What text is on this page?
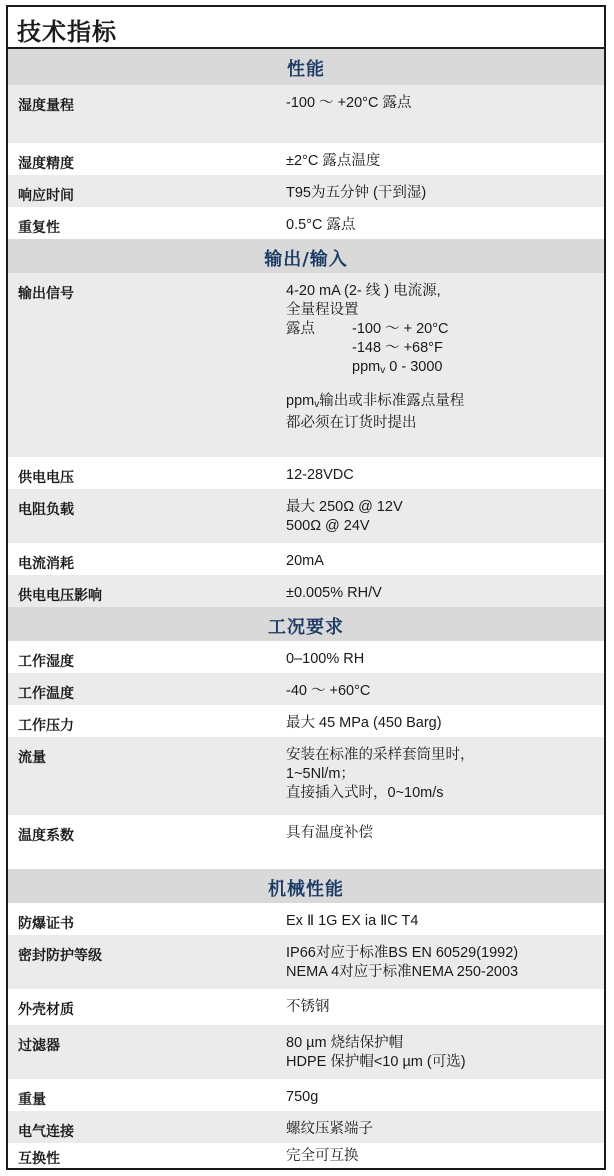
技术指标
性能
湿度量程	-100 ～ +20°C 露点
湿度精度	±2°C 露点温度
响应时间	T95为五分钟 (干到湿)
重复性	0.5°C 露点
输出/输入
输出信号	4-20 mA (2- 线 ) 电流源,
全量程设置
露点	-100 ～ + 20°C
-148 ～ +68°F
ppm$_v$ 0 - 3000
ppm$_v$输出或非标准露点量程
都必须在订货时提出
供电电压	12-28VDC
电阻负载	最大 250Ω @ 12V
500Ω @ 24V
电流消耗	20mA
供电电压影响	±0.005% RH/V
工况要求
工作湿度	0–100% RH
工作温度	-40 ～ +60°C
工作压力	最大 45 MPa (450 Barg)
流量	安装在标准的采样套筒里时，
1~5Nl/m；
直接插入式时，0~10m/s
温度系数	具有温度补偿
机械性能
防爆证书	Ex Ⅱ 1G EX ia ⅡC T4
密封防护等级	IP66对应于标准BS EN 60529(1992)
NEMA 4对应于标准NEMA 250-2003
外壳材质	不锈钢
过滤器	80 µm 烧结保护帽
HDPE 保护帽<10 µm (可选)
重量	750g
电气连接	螺纹压紧端子
互换性	完全可互换
